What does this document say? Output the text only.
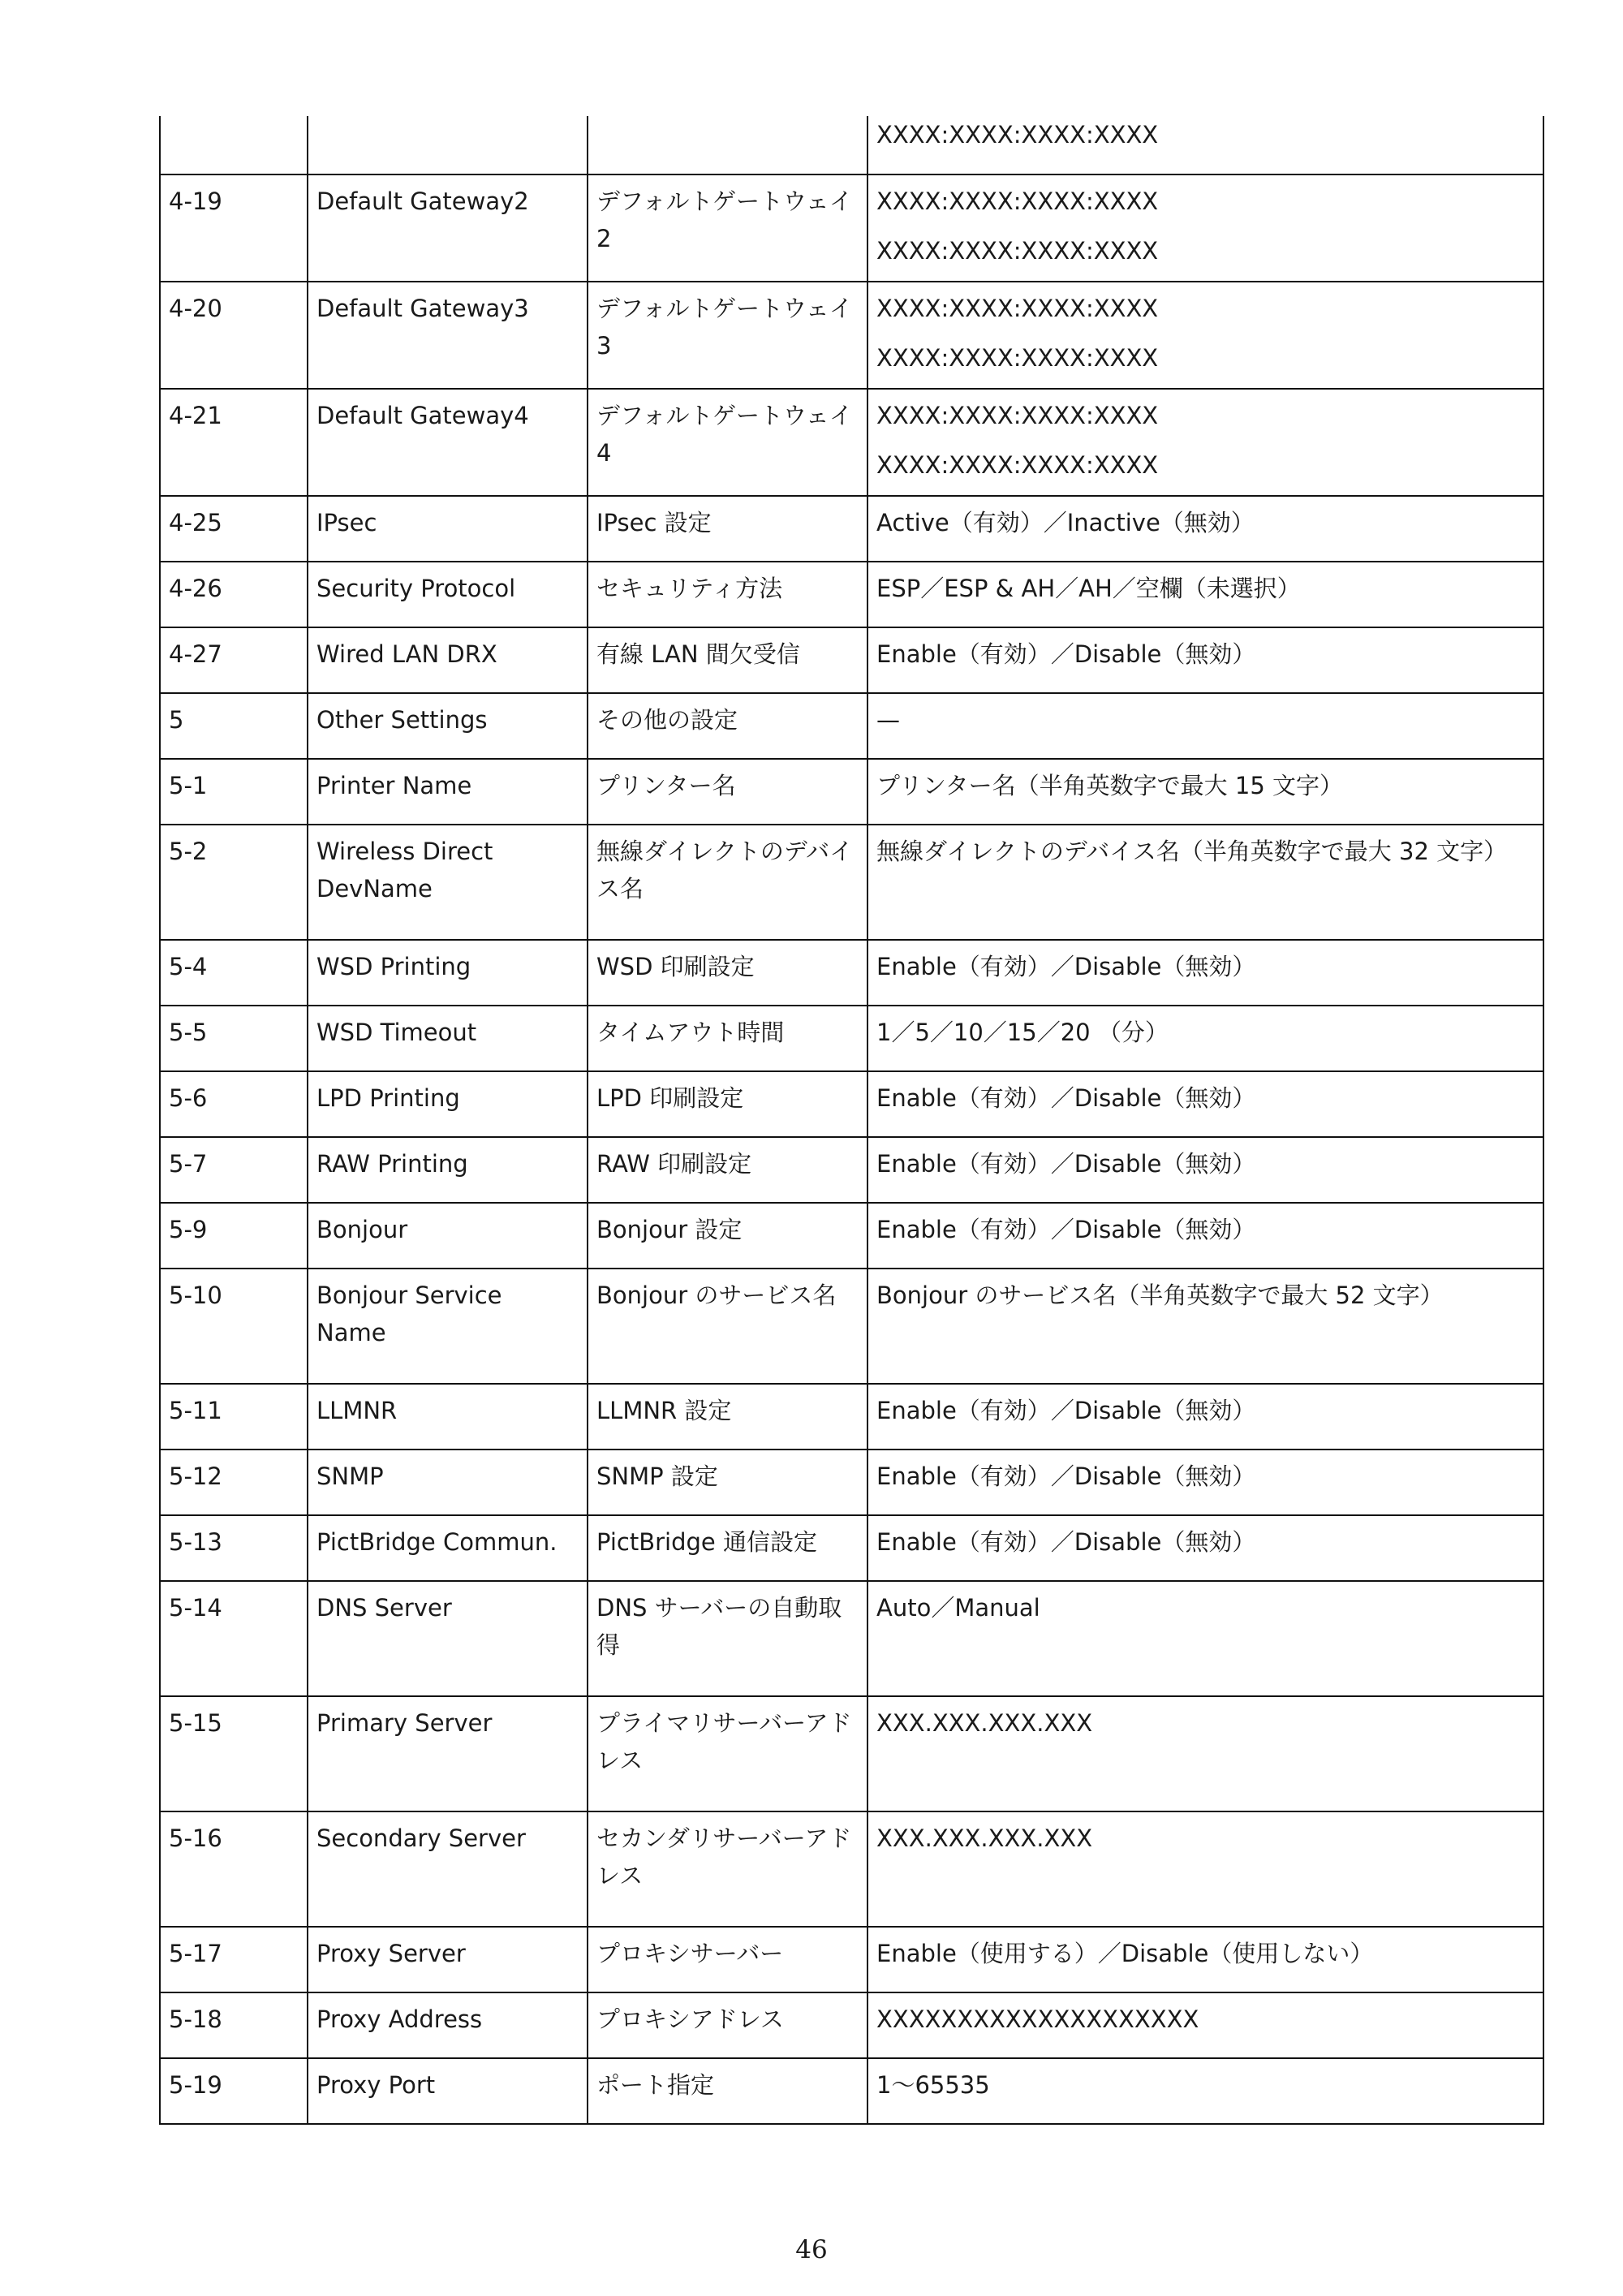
			XXXX:XXXX:XXXX:XXXX

4-19	Default Gateway2	デフォルトゲートウェイ 2	XXXX:XXXX:XXXX:XXXX
XXXX:XXXX:XXXX:XXXX

4-20	Default Gateway3	デフォルトゲートウェイ 3	XXXX:XXXX:XXXX:XXXX
XXXX:XXXX:XXXX:XXXX

4-21	Default Gateway4	デフォルトゲートウェイ 4	XXXX:XXXX:XXXX:XXXX
XXXX:XXXX:XXXX:XXXX

4-25	IPsec	IPsec 設定	Active（有効）／Inactive（無効）

4-26	Security Protocol	セキュリティ方法	ESP／ESP & AH／AH／空欄（未選択）

4-27	Wired LAN DRX	有線 LAN 間欠受信	Enable（有効）／Disable（無効）

5	Other Settings	その他の設定	—

5-1	Printer Name	プリンター名	プリンター名（半角英数字で最大 15 文字）

5-2	Wireless Direct DevName	無線ダイレクトのデバイス名	無線ダイレクトのデバイス名（半角英数字で最大 32 文字）

5-4	WSD Printing	WSD 印刷設定	Enable（有効）／Disable（無効）

5-5	WSD Timeout	タイムアウト時間	1／5／10／15／20 （分）

5-6	LPD Printing	LPD 印刷設定	Enable（有効）／Disable（無効）

5-7	RAW Printing	RAW 印刷設定	Enable（有効）／Disable（無効）

5-9	Bonjour	Bonjour 設定	Enable（有効）／Disable（無効）

5-10	Bonjour Service Name	Bonjour のサービス名	Bonjour のサービス名（半角英数字で最大 52 文字）

5-11	LLMNR	LLMNR 設定	Enable（有効）／Disable（無効）

5-12	SNMP	SNMP 設定	Enable（有効）／Disable（無効）

5-13	PictBridge Commun.	PictBridge 通信設定	Enable（有効）／Disable（無効）

5-14	DNS Server	DNS サーバーの自動取得	Auto／Manual

5-15	Primary Server	プライマリサーバーアドレス	XXX.XXX.XXX.XXX

5-16	Secondary Server	セカンダリサーバーアドレス	XXX.XXX.XXX.XXX

5-17	Proxy Server	プロキシサーバー	Enable（使用する）／Disable（使用しない）

5-18	Proxy Address	プロキシアドレス	XXXXXXXXXXXXXXXXXXXX

5-19	Proxy Port	ポート指定	1～65535
46
